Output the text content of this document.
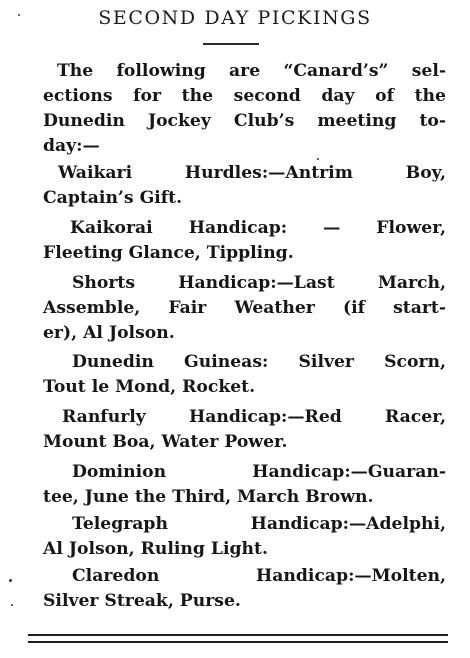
SECOND DAY PICKINGS
The following are “Canard’s” sel-
ections for the second day of the
Dunedin Jockey Club’s meeting to-
day:—
Waikari Hurdles:—Antrim Boy,
Captain’s Gift.
Kaikorai Handicap: — Flower,
Fleeting Glance, Tippling.
Shorts Handicap:—Last March,
Assemble, Fair Weather (if start-
er), Al Jolson.
Dunedin Guineas: Silver Scorn,
Tout le Mond, Rocket.
Ranfurly Handicap:—Red Racer,
Mount Boa, Water Power.
Dominion Handicap:—Guaran-
tee, June the Third, March Brown.
Telegraph Handicap:—Adelphi,
Al Jolson, Ruling Light.
Claredon Handicap:—Molten,
Silver Streak, Purse.
